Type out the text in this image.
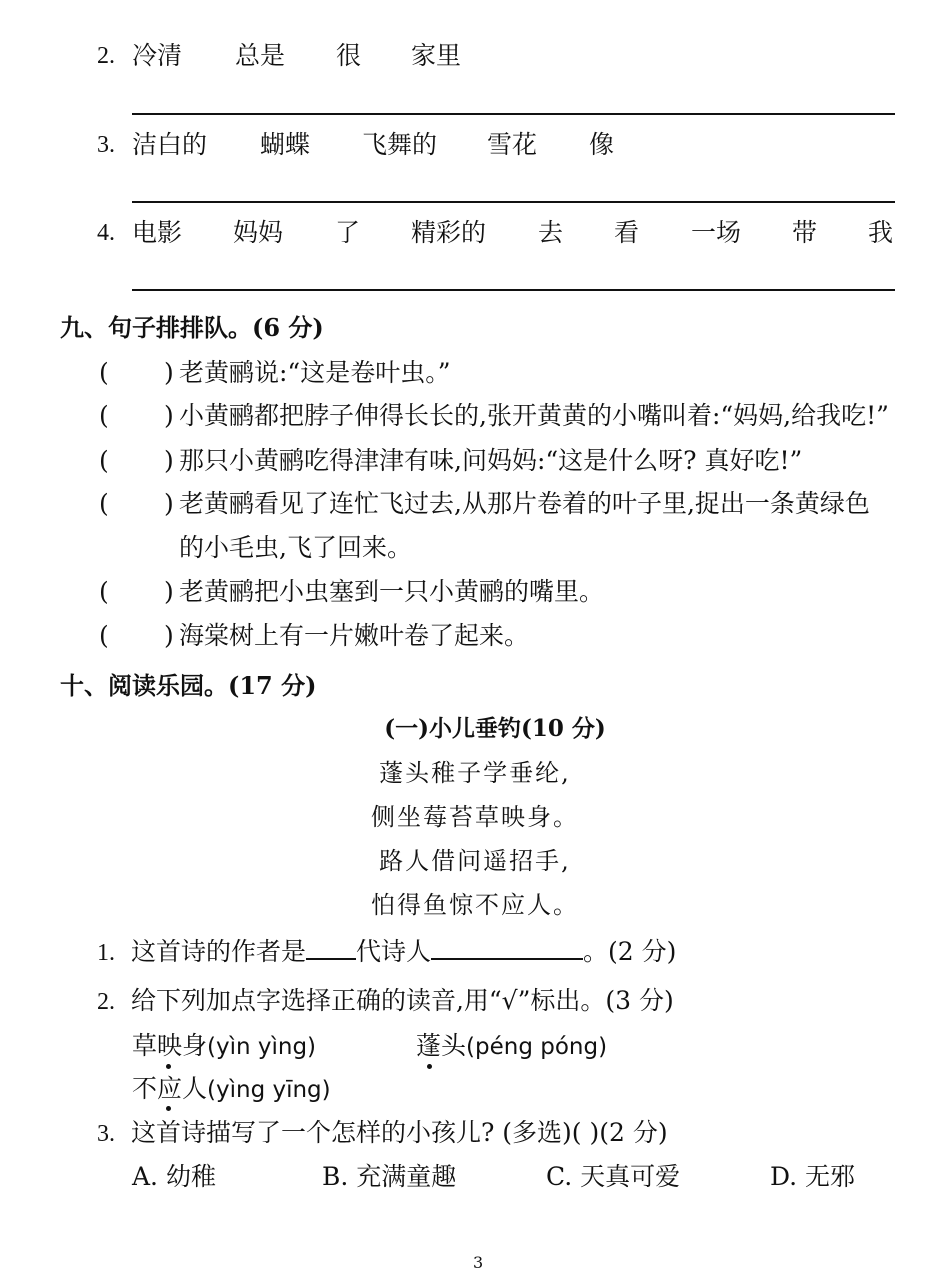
2. 冷清 总是 很 家里
3. 洁白的 蝴蝶 飞舞的 雪花 像
4. 电影 妈妈 了 精彩的 去 看 一场 带 我
九、句子排排队。(6 分)
( ) 老黄鹂说:“这是卷叶虫。”
( ) 小黄鹂都把脖子伸得长长的,张开黄黄的小嘴叫着:“妈妈,给我吃!”
( ) 那只小黄鹂吃得津津有味,问妈妈:“这是什么呀? 真好吃!”
( ) 老黄鹂看见了连忙飞过去,从那片卷着的叶子里,捉出一条黄绿色
的小毛虫,飞了回来。
( ) 老黄鹂把小虫塞到一只小黄鹂的嘴里。
( ) 海棠树上有一片嫩叶卷了起来。
十、阅读乐园。(17 分)
(一)小儿垂钓(10 分)
蓬头稚子学垂纶,
侧坐莓苔草映身。
路人借问遥招手,
怕得鱼惊不应人。
1. 这首诗的作者是 代诗人	。(2 分)
2. 给下列加点字选择正确的读音,用“√”标出。(3 分)
草映身(yìn yìng)	蓬头(péng póng)
不应人(yìng yīng)
3. 这首诗描写了一个怎样的小孩儿? (多选)( )(2 分)
A. 幼稚	B. 充满童趣	C. 天真可爱	D. 无邪
3
